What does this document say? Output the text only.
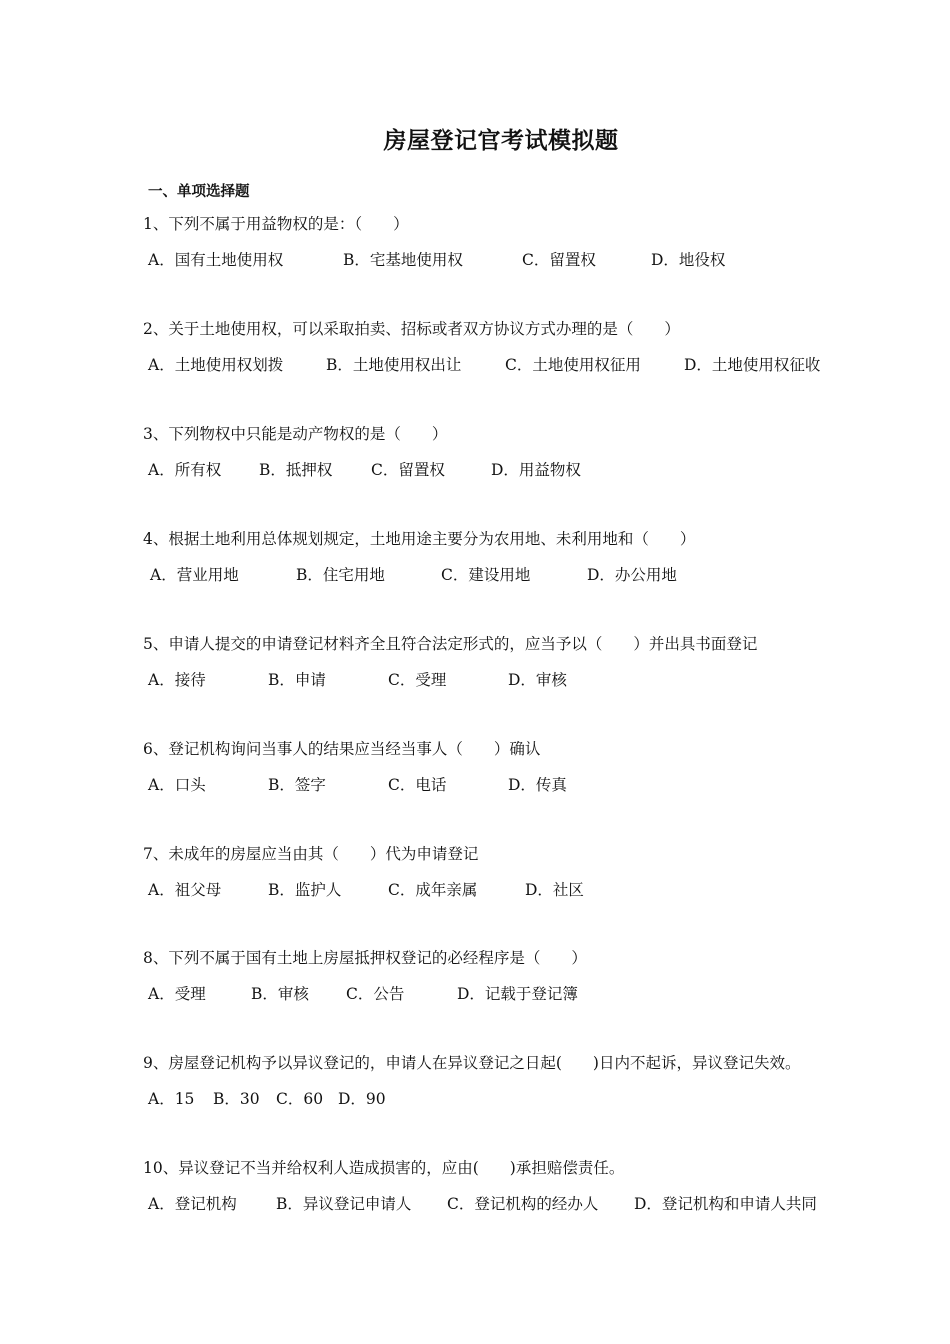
房屋登记官考试模拟题
一、单项选择题
1、下列不属于用益物权的是：（　　）
A．国有土地使用权	B．宅基地使用权	C．留置权	D．地役权
2、关于土地使用权，可以采取拍卖、招标或者双方协议方式办理的是（　　）
A．土地使用权划拨	B．土地使用权出让	C．土地使用权征用	D．土地使用权征收
3、下列物权中只能是动产物权的是（　　）
A．所有权 B．抵押权 C．留置权	D．用益物权
4、根据土地利用总体规划规定，土地用途主要分为农用地、未利用地和（　　）
A．营业用地	B．住宅用地	C．建设用地	D．办公用地
5、申请人提交的申请登记材料齐全且符合法定形式的，应当予以（　　）并出具书面登记
A．接待	B．申请	C．受理	D．审核
6、登记机构询问当事人的结果应当经当事人（　　）确认
A．口头	B．签字	C．电话	D．传真
7、未成年的房屋应当由其（　　）代为申请登记
A．祖父母	B．监护人	C．成年亲属	D．社区
8、下列不属于国有土地上房屋抵押权登记的必经程序是（　　）
A．受理	B．审核 C．公告	D．记载于登记簿
9、房屋登记机构予以异议登记的，申请人在异议登记之日起(　　)日内不起诉，异议登记失效。
A．15 B．30 C．60 D．90
10、异议登记不当并给权利人造成损害的，应由(　　)承担赔偿责任。
A．登记机构	B．异议登记申请人 C．登记机构的经办人 D．登记机构和申请人共同
